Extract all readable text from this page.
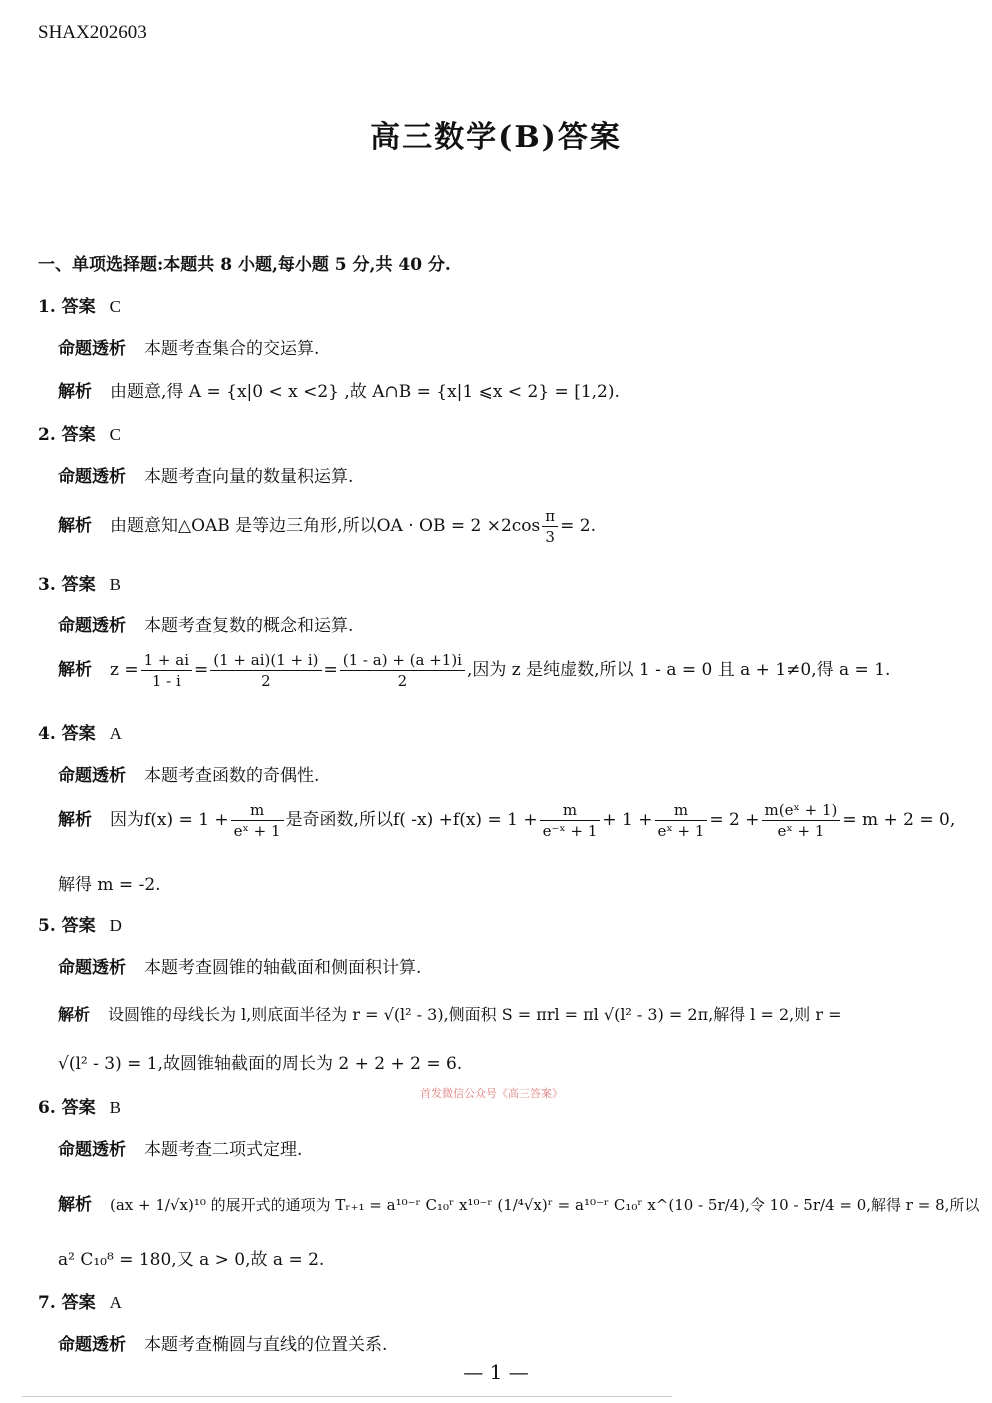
SHAX202603
高三数学(B)答案
一、单项选择题:本题共 8 小题,每小题 5 分,共 40 分.
1. 答案 C
命题透析 本题考查集合的交运算.
解析 由题意,得 A = {x|0 < x <2} ,故 A∩B = {x|1 ⩽x < 2} = [1,2).
2. 答案 C
命题透析 本题考查向量的数量积运算.
解析 由题意知△OAB 是等边三角形,所以OA · OB = $2 \times 2\cos \frac{\pi}{3} = 2$.
3. 答案 B
命题透析 本题考查复数的概念和运算.
解析 $z = \frac{1 + ai}{1 - i} = \frac{(1 + ai)(1 + i)}{2} = \frac{(1 - a) + (a +1)i}{2}$ ,因为 z 是纯虚数,所以 1 - a = 0 且 a + 1≠0,得 a = 1.
4. 答案 A
命题透析 本题考查函数的奇偶性.
解析 因为$f(x) = 1 + \frac{m}{\text{eˣ + 1}}$ 是奇函数,所以f( $-x) +f(x) = 1 + \frac{m}{\text{e⁻ˣ + 1}} + 1 + \frac{m}{\text{eˣ + 1}} = 2 + \frac{\text{m(eˣ + 1)}}{\text{eˣ + 1}} = m + 2 = 0$,
解得 m = -2.
5. 答案 D
命题透析 本题考查圆锥的轴截面和侧面积计算.
解析 设圆锥的母线长为 l,则底面半径为 r = √(l² - 3),侧面积 S = πrl = πl √(l² - 3) = 2π,解得 l = 2,则 r =
√(l² - 3) = 1,故圆锥轴截面的周长为 2 + 2 + 2 = 6.
首发微信公众号《高三答案》
6. 答案 B
命题透析 本题考查二项式定理.
解析 (ax + 1/√x)¹⁰ 的展开式的通项为 Tᵣ₊₁ = a¹⁰⁻ʳ C₁₀ʳ x¹⁰⁻ʳ (1/⁴√x)ʳ = a¹⁰⁻ʳ C₁₀ʳ x^(10 - 5r/4),令 10 - 5r/4 = 0,解得 r = 8,所以
a² C₁₀⁸ = 180,又 a > 0,故 a = 2.
7. 答案 A
命题透析 本题考查椭圆与直线的位置关系.
— 1 —
